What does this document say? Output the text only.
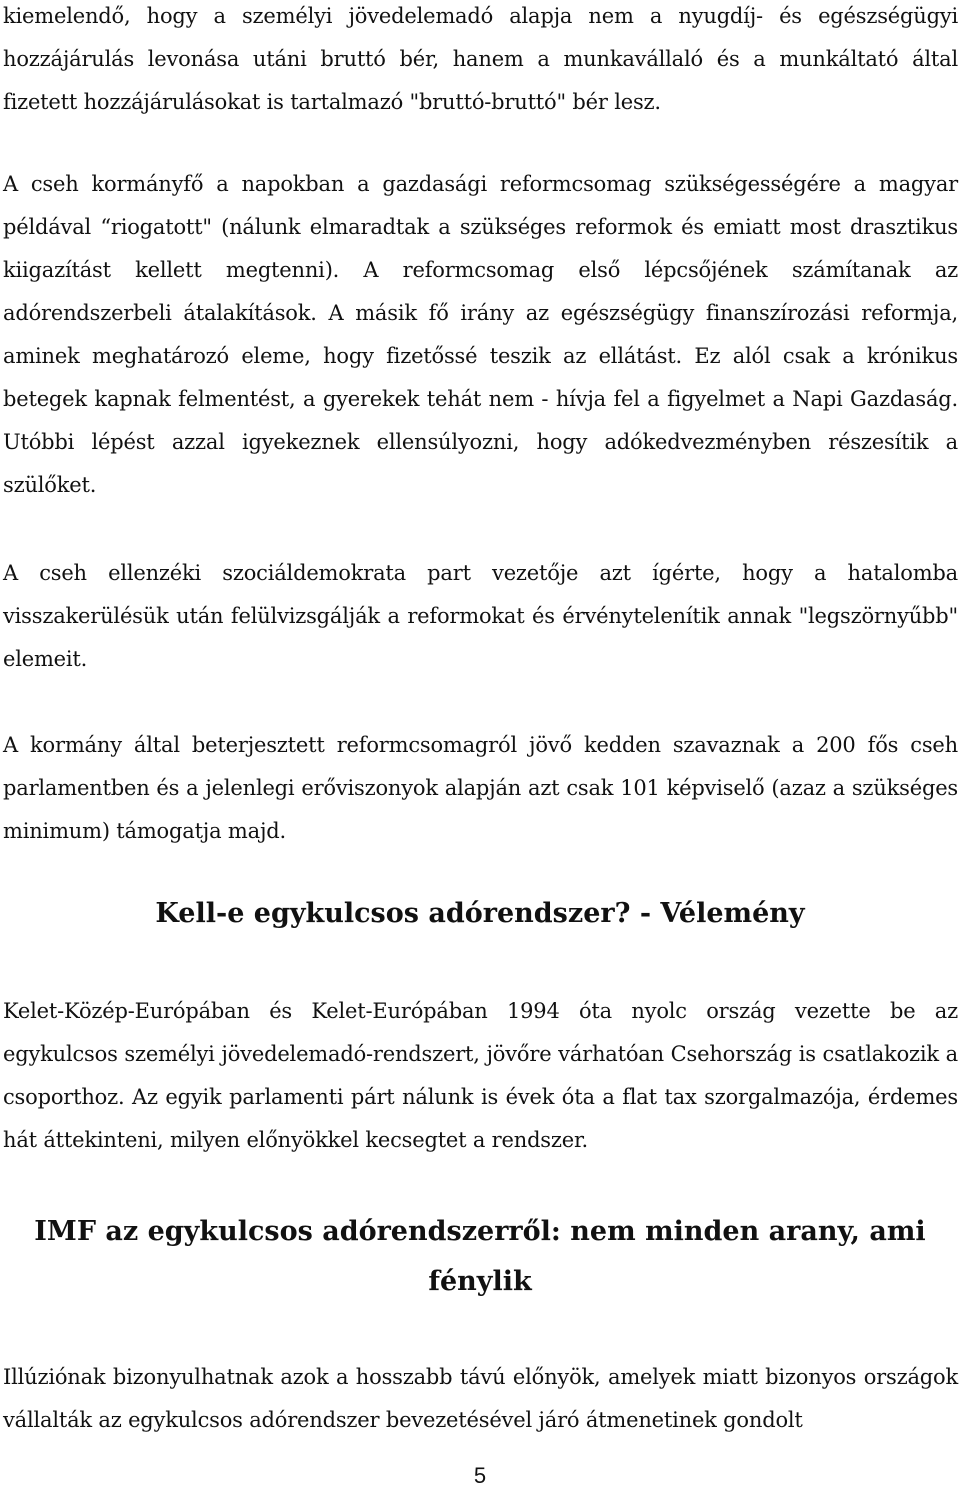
kiemelendő, hogy a személyi jövedelemadó alapja nem a nyugdíj- és egészségügyi hozzájárulás levonása utáni bruttó bér, hanem a munkavállaló és a munkáltató által fizetett hozzájárulásokat is tartalmazó "bruttó-bruttó" bér lesz.

A cseh kormányfő a napokban a gazdasági reformcsomag szükségességére a magyar példával “riogatott" (nálunk elmaradtak a szükséges reformok és emiatt most drasztikus kiigazítást kellett megtenni). A reformcsomag első lépcsőjének számítanak az adórendszerbeli átalakítások. A másik fő irány az egészségügy finanszírozási reformja, aminek meghatározó eleme, hogy fizetőssé teszik az ellátást. Ez alól csak a krónikus betegek kapnak felmentést, a gyerekek tehát nem - hívja fel a figyelmet a Napi Gazdaság. Utóbbi lépést azzal igyekeznek ellensúlyozni, hogy adókedvezményben részesítik a szülőket.

A cseh ellenzéki szociáldemokrata part vezetője azt ígérte, hogy a hatalomba visszakerülésük után felülvizsgálják a reformokat és érvénytelenítik annak "legszörnyűbb" elemeit.

A kormány által beterjesztett reformcsomagról jövő kedden szavaznak a 200 fős cseh parlamentben és a jelenlegi erőviszonyok alapján azt csak 101 képviselő (azaz a szükséges minimum) támogatja majd.

Kell-e egykulcsos adórendszer? - Vélemény

Kelet-Közép-Európában és Kelet-Európában 1994 óta nyolc ország vezette be az egykulcsos személyi jövedelemadó-rendszert, jövőre várhatóan Csehország is csatlakozik a csoporthoz. Az egyik parlamenti párt nálunk is évek óta a flat tax szorgalmazója, érdemes hát áttekinteni, milyen előnyökkel kecsegtet a rendszer.

IMF az egykulcsos adórendszerről: nem minden arany, ami fénylik

Illúziónak bizonyulhatnak azok a hosszabb távú előnyök, amelyek miatt bizonyos országok vállalták az egykulcsos adórendszer bevezetésével járó átmenetinek gondolt

5
